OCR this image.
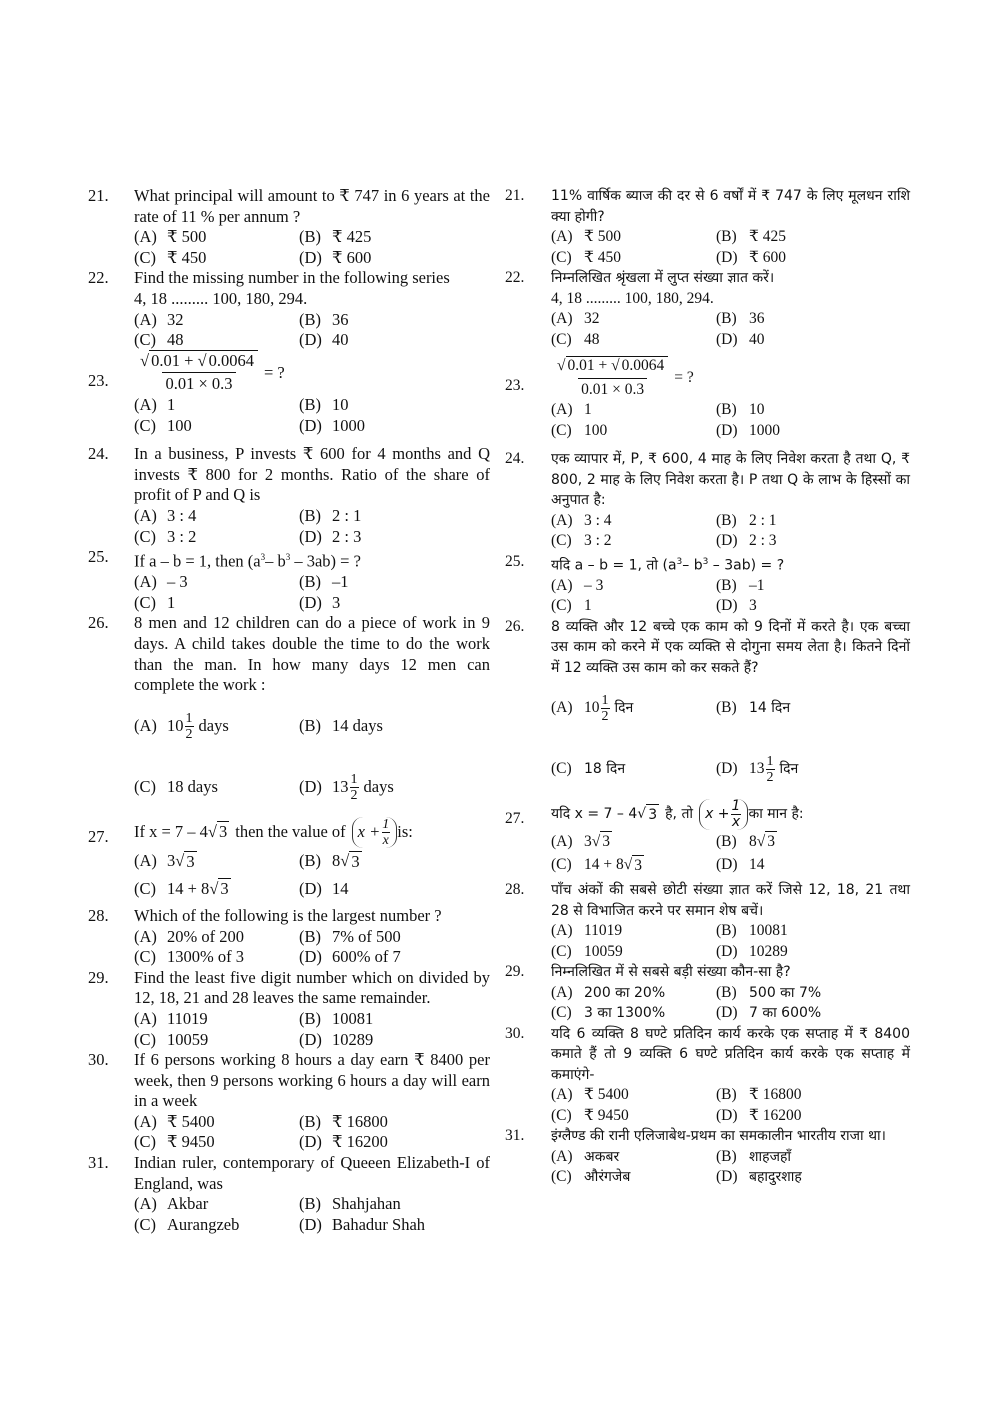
21.	What principal will amount to ₹ 747 in 6 years at the rate of 11 % per annum ?
(A) ₹ 500	(B) ₹ 425
(C) ₹ 450	(D) ₹ 600
22.	Find the missing number in the following series
4, 18 ......... 100, 180, 294.
(A) 32	(B) 36
(C) 48	(D) 40
23.	$\frac{√ 0.01 + √ 0.0064}{0.01 \times 0.3}$ = ?
(A) 1	(B) 10
(C) 100	(D) 1000
24.	In a business, P invests ₹ 600 for 4 months and Q invests ₹ 800 for 2 months. Ratio of the share of profit of P and Q is
(A) 3 : 4	(B) 2 : 1
(C) 3 : 2	(D) 2 : 3
25.	If a – b = 1, then ($a^3-$ $b^3 - 3ab$) = ?
(A) – 3	(B) –1
(C) 1	(D) 3
26.	8 men and 12 children can do a piece of work in 9 days. A child takes double the time to do the work than the man. In how many days 12 men can complete the work :
(A) $10 \frac{1}{2}$ days	(B) 14 days
(C) 18 days	(D) $13 \frac{1}{2}$ days
27.	If x = 7 – 4 √ 3 then the value of $x + \frac{1}{x}$ is:
(A) 3 √ 3	(B) 8 √ 3
(C) 14 + 8 √ 3	(D) 14
28.	Which of the following is the largest number ?
(A) 20% of 200	(B) 7% of 500
(C) 1300% of 3	(D) 600% of 7
29.	Find the least five digit number which on divided by 12, 18, 21 and 28 leaves the same remainder.
(A) 11019	(B) 10081
(C) 10059	(D) 10289
30.	If 6 persons working 8 hours a day earn ₹ 8400 per week, then 9 persons working 6 hours a day will earn in a week
(A) ₹ 5400	(B) ₹ 16800
(C) ₹ 9450	(D) ₹ 16200
31.	Indian ruler, contemporary of Queeen Elizabeth-I of England, was
(A) Akbar	(B) Shahjahan
(C) Aurangzeb	(D) Bahadur Shah
21.	11% वार्षिक ब्याज की दर से 6 वर्षों में ₹ 747 के लिए मूलधन राशि क्या होगी?
(A) ₹ 500	(B) ₹ 425
(C) ₹ 450	(D) ₹ 600
22.	निम्नलिखित श्रृंखला में लुप्त संख्या ज्ञात करें।
4, 18 ......... 100, 180, 294.
(A) 32	(B) 36
(C) 48	(D) 40
23.	$\frac{√ 0.01 + √ 0.0064}{0.01 \times 0.3}$ = ?
(A) 1	(B) 10
(C) 100	(D) 1000
24.	एक व्यापार में, P, ₹ 600, 4 माह के लिए निवेश करता है तथा Q, ₹ 800, 2 माह के लिए निवेश करता है। P तथा Q के लाभ के हिस्सों का अनुपात है:
(A) 3 : 4	(B) 2 : 1
(C) 3 : 2	(D) 2 : 3
25.	यदि a – b = 1, तो ($a^3-$ $b^3 - 3ab$) = ?
(A) – 3	(B) –1
(C) 1	(D) 3
26.	8 व्यक्ति और 12 बच्चे एक काम को 9 दिनों में करते है। एक बच्चा उस काम को करने में एक व्यक्ति से दोगुना समय लेता है। कितने दिनों में 12 व्यक्ति उस काम को कर सकते हैं?
(A) $10 \frac{1}{2}$ दिन	(B) 14 दिन
(C) 18 दिन	(D) $13 \frac{1}{2}$ दिन
27.	यदि x = 7 – 4 √ 3 है, तो $x + \frac{1}{x}$ का मान है:
(A) 3 √ 3	(B) 8 √ 3
(C) 14 + 8 √ 3	(D) 14
28.	पाँच अंकों की सबसे छोटी संख्या ज्ञात करें जिसे 12, 18, 21 तथा 28 से विभाजित करने पर समान शेष बचें।
(A) 11019	(B) 10081
(C) 10059	(D) 10289
29.	निम्नलिखित में से सबसे बड़ी संख्या कौन-सा है?
(A) 200 का 20%	(B) 500 का 7%
(C) 3 का 1300%	(D) 7 का 600%
30.	यदि 6 व्यक्ति 8 घण्टे प्रतिदिन कार्य करके एक सप्ताह में ₹ 8400 कमाते हैं तो 9 व्यक्ति 6 घण्टे प्रतिदिन कार्य करके एक सप्ताह में कमाएंगे-
(A) ₹ 5400	(B) ₹ 16800
(C) ₹ 9450	(D) ₹ 16200
31.	इंग्लैण्ड की रानी एलिजाबेथ-प्रथम का समकालीन भारतीय राजा था।
(A) अकबर	(B) शाहजहाँ
(C) औरंगजेब	(D) बहादुरशाह
